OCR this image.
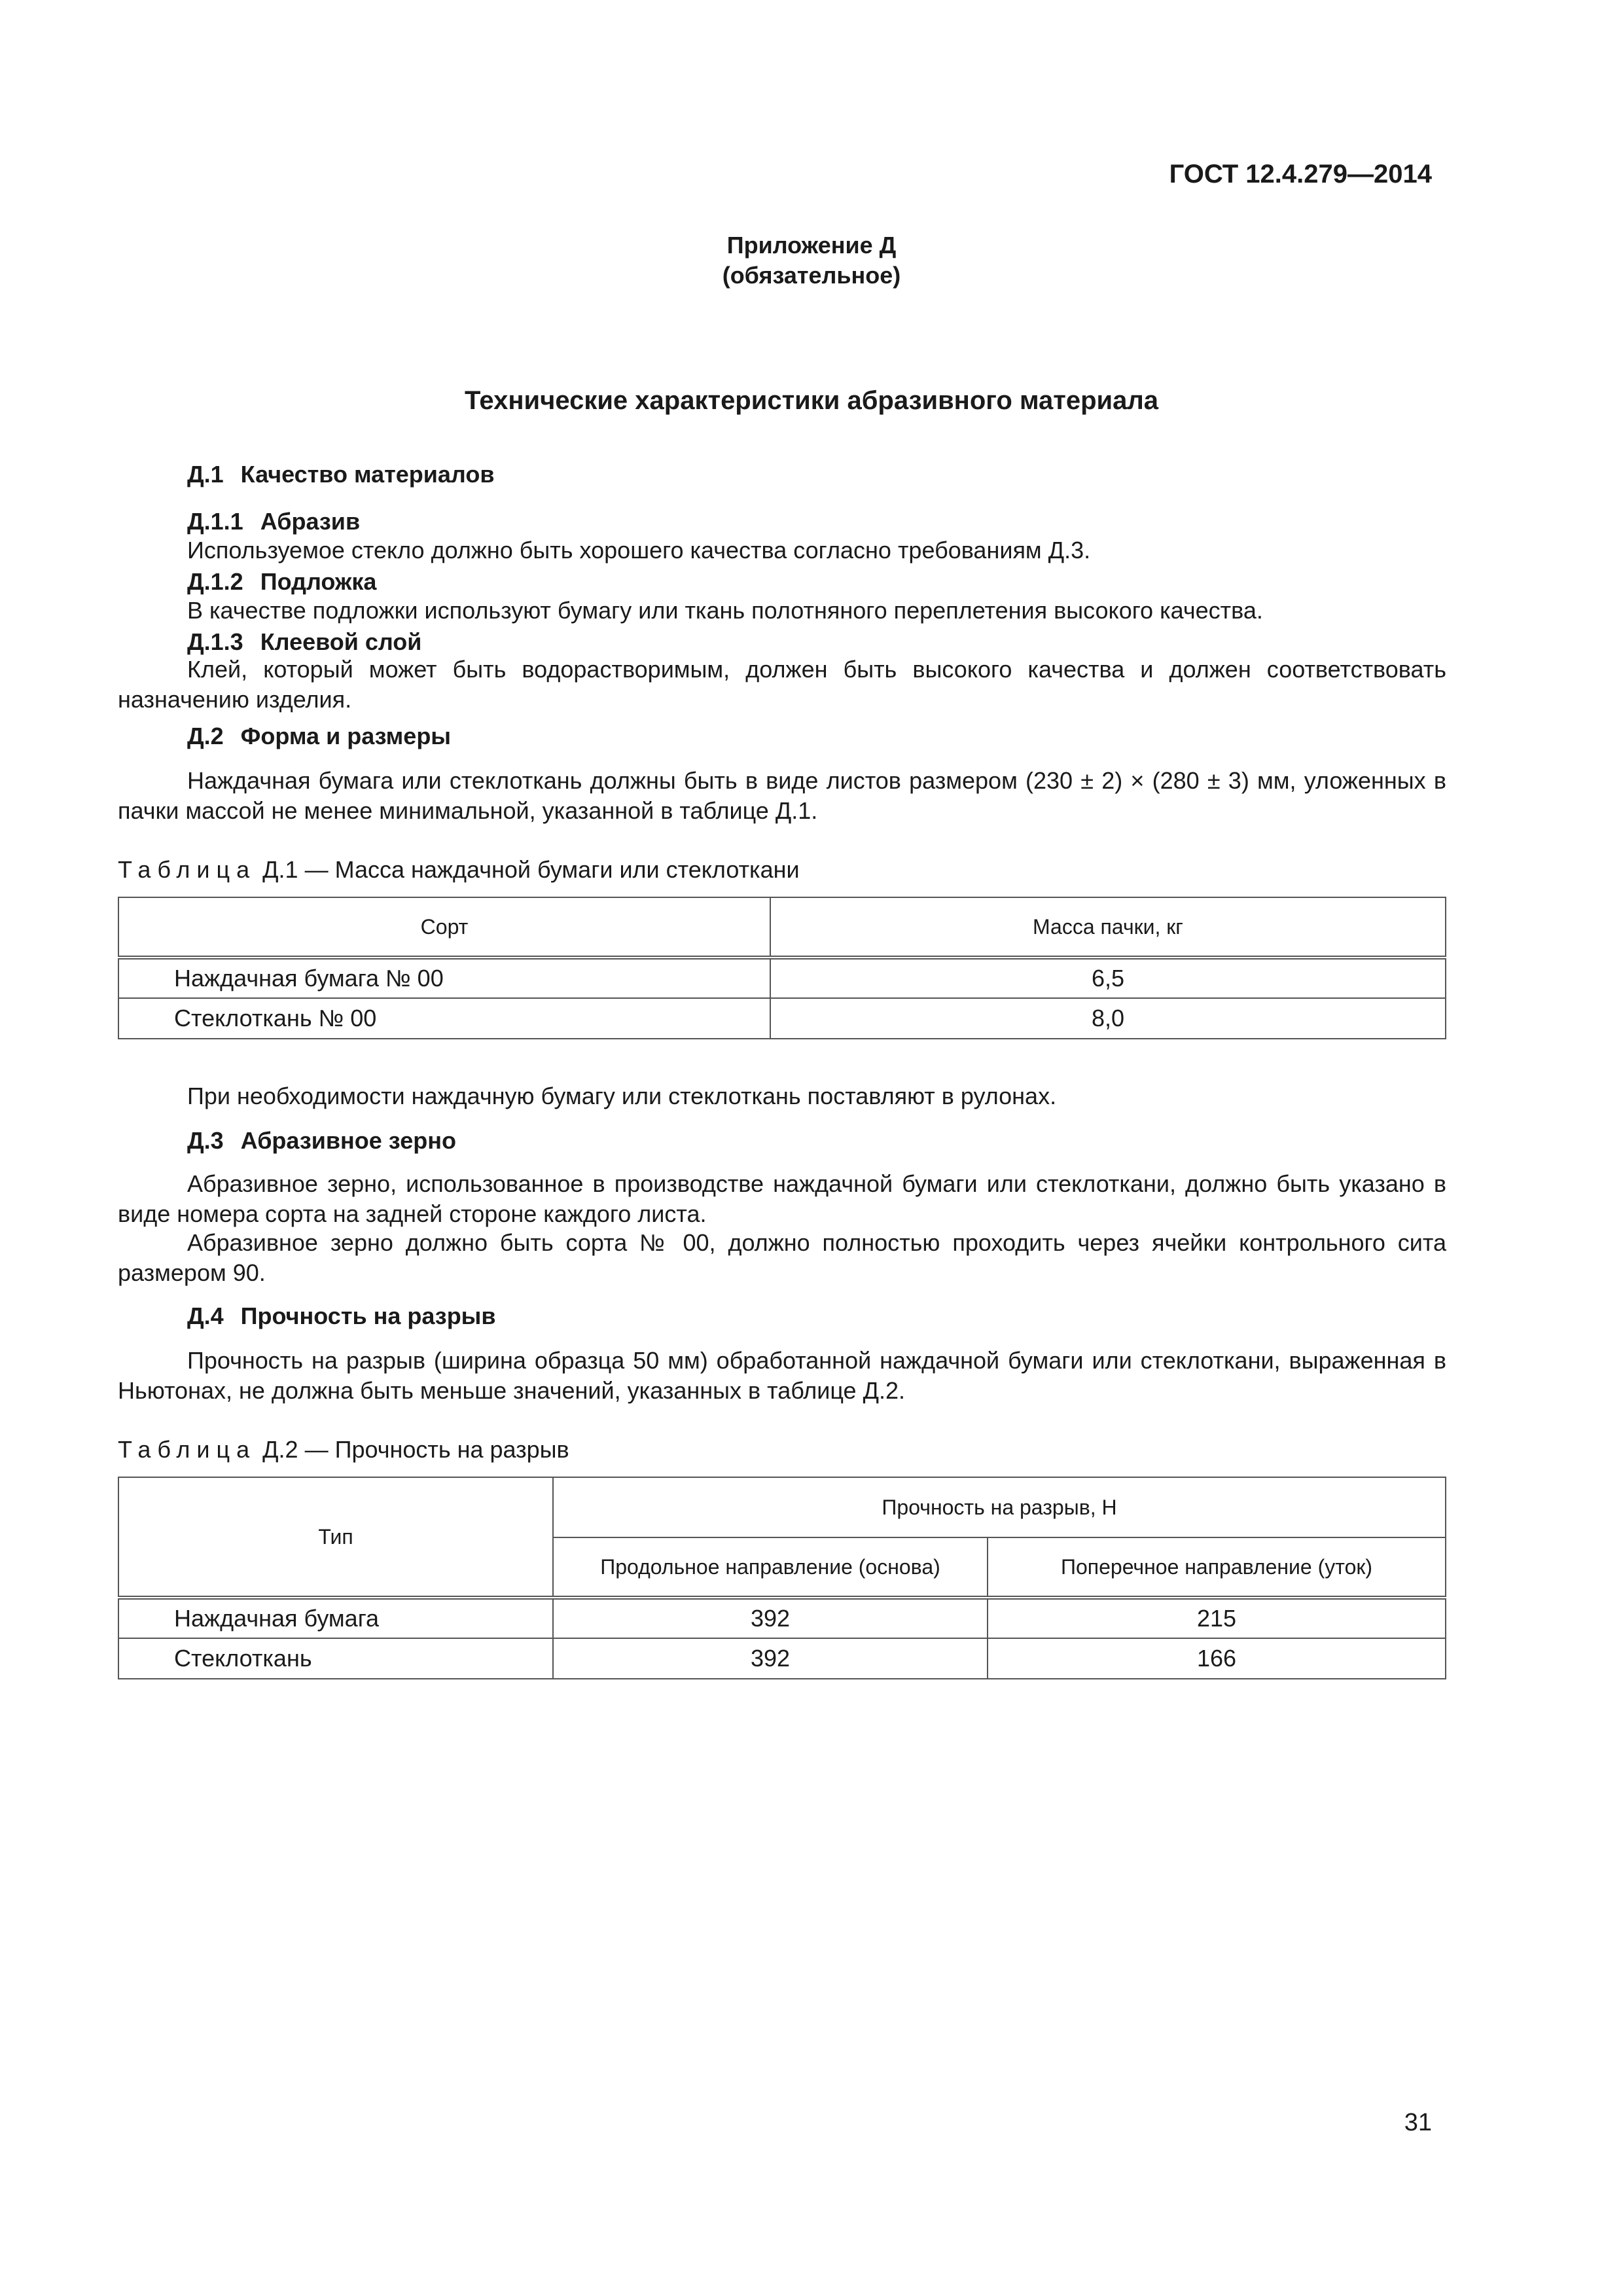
ГОСТ 12.4.279—2014
Приложение Д
(обязательное)
Технические характеристики абразивного материала
Д.1 Качество материалов
Д.1.1 Абразив
Используемое стекло должно быть хорошего качества согласно требованиям Д.3.
Д.1.2 Подложка
В качестве подложки используют бумагу или ткань полотняного переплетения высокого качества.
Д.1.3 Клеевой слой
Клей, который может быть водорастворимым, должен быть высокого качества и должен соответствовать назначению изделия.
Д.2 Форма и размеры
Наждачная бумага или стеклоткань должны быть в виде листов размером (230 ± 2) × (280 ± 3) мм, уложенных в пачки массой не менее минимальной, указанной в таблице Д.1.
Таблица Д.1 — Масса наждачной бумаги или стеклоткани
Сорт	Масса пачки, кг
Наждачная бумага № 00	6,5
Стеклоткань № 00	8,0
При необходимости наждачную бумагу или стеклоткань поставляют в рулонах.
Д.3 Абразивное зерно
Абразивное зерно, использованное в производстве наждачной бумаги или стеклоткани, должно быть указано в виде номера сорта на задней стороне каждого листа.
Абразивное зерно должно быть сорта № 00, должно полностью проходить через ячейки контрольного сита размером 90.
Д.4 Прочность на разрыв
Прочность на разрыв (ширина образца 50 мм) обработанной наждачной бумаги или стеклоткани, выраженная в Ньютонах, не должна быть меньше значений, указанных в таблице Д.2.
Таблица Д.2 — Прочность на разрыв
Тип	Прочность на разрыв, Н	
	Продольное направление (основа)	Поперечное направление (уток)
Наждачная бумага	392	215
Стеклоткань	392	166
31
